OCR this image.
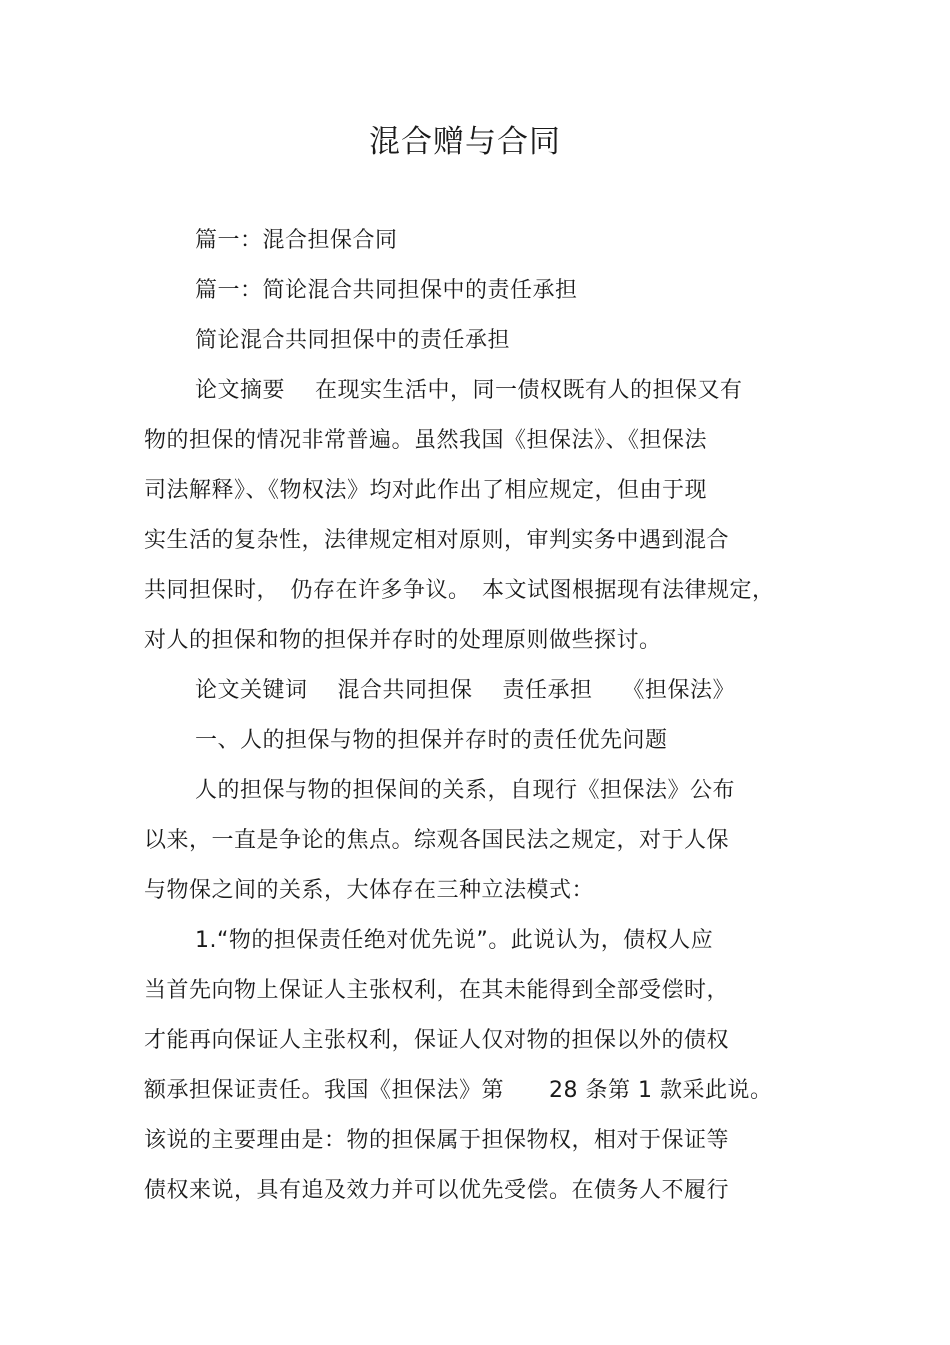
混合赠与合同
篇一：混合担保合同
篇一：简论混合共同担保中的责任承担
简论混合共同担保中的责任承担
论文摘要　 在现实生活中，同一债权既有人的担保又有
物的担保的情况非常普遍。虽然我国《担保法》、《担保法
司法解释》、《物权法》均对此作出了相应规定，但由于现
实生活的复杂性，法律规定相对原则，审判实务中遇到混合
共同担保时，　仍存在许多争议。　本文试图根据现有法律规定，
对人的担保和物的担保并存时的处理原则做些探讨。
论文关键词　 混合共同担保　 责任承担　 《担保法》
一、人的担保与物的担保并存时的责任优先问题
人的担保与物的担保间的关系，自现行《担保法》公布
以来，一直是争论的焦点。综观各国民法之规定，对于人保
与物保之间的关系，大体存在三种立法模式：
1.“物的担保责任绝对优先说”。此说认为，债权人应
当首先向物上保证人主张权利，在其未能得到全部受偿时，
才能再向保证人主张权利，保证人仅对物的担保以外的债权
额承担保证责任。我国《担保法》第　　28 条第 1 款采此说。
该说的主要理由是：物的担保属于担保物权，相对于保证等
债权来说，具有追及效力并可以优先受偿。在债务人不履行
